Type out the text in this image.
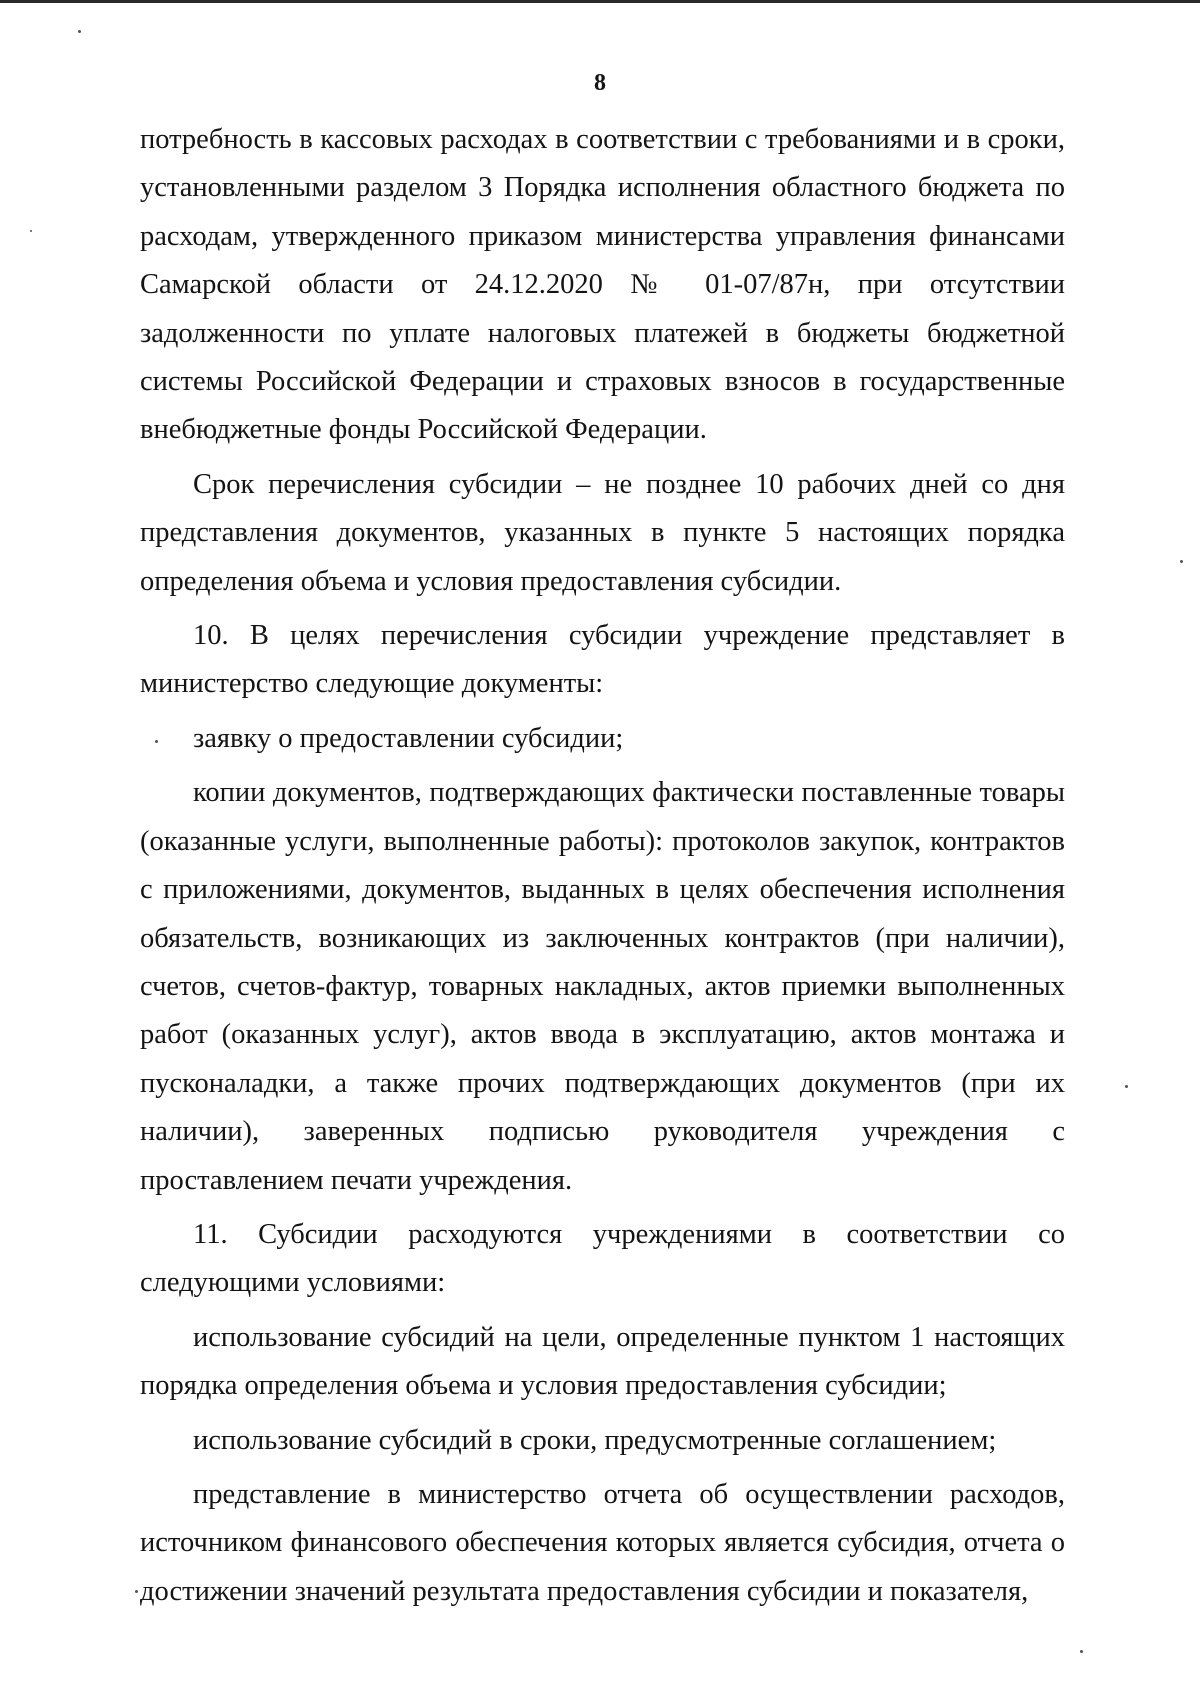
8

потребность в кассовых расходах в соответствии с требованиями и в сроки, установленными разделом 3 Порядка исполнения областного бюджета по расходам, утвержденного приказом министерства управления финансами Самарской области от 24.12.2020 № 01-07/87н, при отсутствии задолженности по уплате налоговых платежей в бюджеты бюджетной системы Российской Федерации и страховых взносов в государственные внебюджетные фонды Российской Федерации.

Срок перечисления субсидии – не позднее 10 рабочих дней со дня представления документов, указанных в пункте 5 настоящих порядка определения объема и условия предоставления субсидии.

10. В целях перечисления субсидии учреждение представляет в министерство следующие документы:

заявку о предоставлении субсидии;

копии документов, подтверждающих фактически поставленные товары (оказанные услуги, выполненные работы): протоколов закупок, контрактов с приложениями, документов, выданных в целях обеспечения исполнения обязательств, возникающих из заключенных контрактов (при наличии), счетов, счетов-фактур, товарных накладных, актов приемки выполненных работ (оказанных услуг), актов ввода в эксплуатацию, актов монтажа и пусконаладки, а также прочих подтверждающих документов (при их наличии), заверенных подписью руководителя учреждения с проставлением печати учреждения.

11. Субсидии расходуются учреждениями в соответствии со следующими условиями:

использование субсидий на цели, определенные пунктом 1 настоящих порядка определения объема и условия предоставления субсидии;

использование субсидий в сроки, предусмотренные соглашением;

представление в министерство отчета об осуществлении расходов, источником финансового обеспечения которых является субсидия, отчета о достижении значений результата предоставления субсидии и показателя,
